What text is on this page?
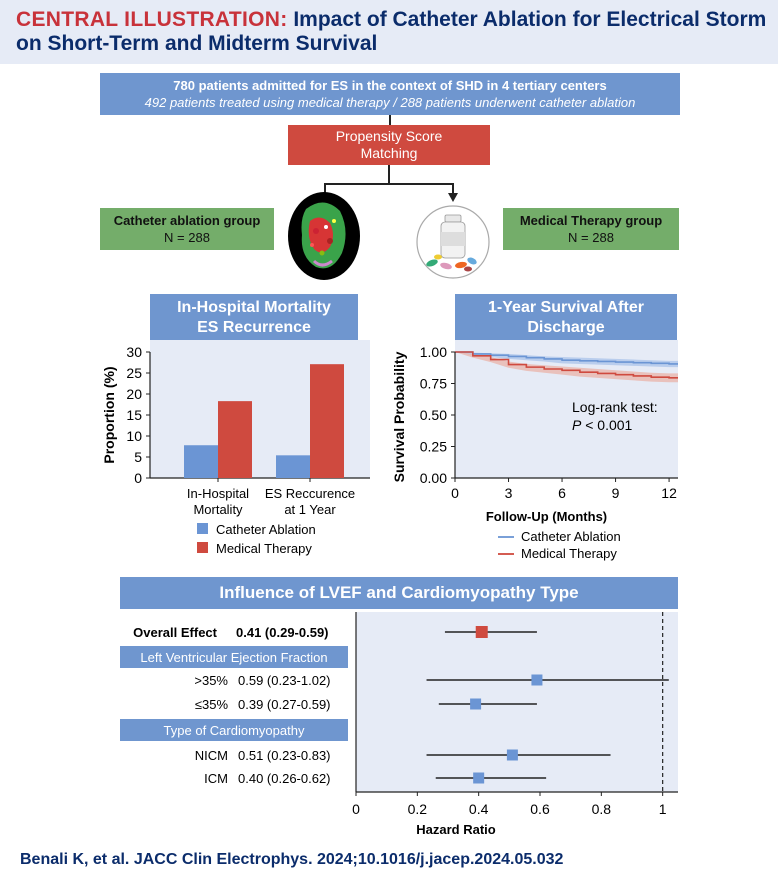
CENTRAL ILLUSTRATION: Impact of Catheter Ablation for Electrical Storm
on Short-Term and Midterm Survival
780 patients admitted for ES in the context of SHD in 4 tertiary centers
492 patients treated using medical therapy / 288 patients underwent catheter ablation
Propensity Score
Matching
Catheter ablation group
N = 288
Medical Therapy group
N = 288
In-Hospital Mortality
ES Recurrence
0
5
10
15
20
25
30
Proportion (%)
In-Hospital
Mortality
ES Reccurence
at 1 Year
Catheter Ablation
Medical Therapy
1-Year Survival After
Discharge
0.00
0.25
0.50
0.75
1.00
0	3	6	9	12
Survival Probability
Follow-Up (Months)
Log-rank test:
P < 0.001
Catheter Ablation
Medical Therapy
Influence of LVEF and Cardiomyopathy Type
Overall Effect 0.41 (0.29-0.59)
Left Ventricular Ejection Fraction
Type of Cardiomyopathy
>35% 0.59 (0.23-1.02)
≤35% 0.39 (0.27-0.59)
NICM 0.51 (0.23-0.83)
ICM 0.40 (0.26-0.62)
0	0.2	0.4	0.6	0.8	1
Hazard Ratio
Benali K, et al. JACC Clin Electrophys. 2024;10.1016/j.jacep.2024.05.032
